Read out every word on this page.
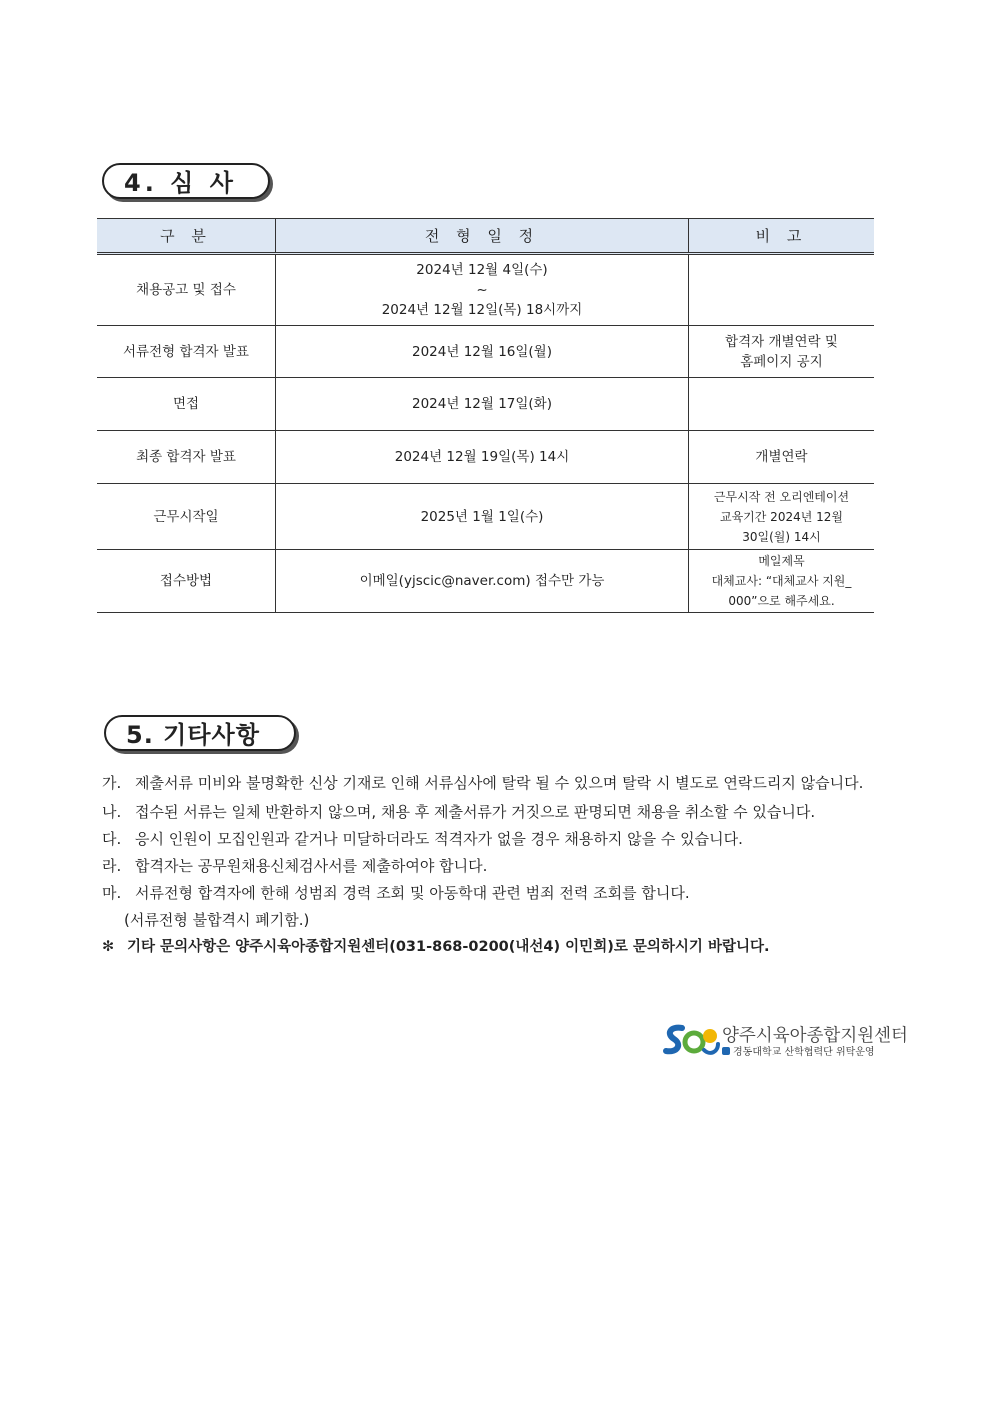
4. 심 사
구 분	전 형 일 정	비 고
채용공고 및 접수	2024년 12월 4일(수)
~
2024년 12월 12일(목) 18시까지	

서류전형 합격자 발표	2024년 12월 16일(월)	합격자 개별연락 및
홈페이지 공지

면접	2024년 12월 17일(화)	
최종 합격자 발표	2024년 12월 19일(목) 14시	개별연락
근무시작일	2025년 1월 1일(수)	근무시작 전 오리엔테이션
교육기간 2024년 12월
30일(월) 14시

접수방법	이메일(yjscic@naver.com) 접수만 가능	메일제목
대체교사: “대체교사 지원_
000”으로 해주세요.
5. 기타사항
가. 제출서류 미비와 불명확한 신상 기재로 인해 서류심사에 탈락 될 수 있으며 탈락 시 별도로 연락드리지 않습니다.
나. 접수된 서류는 일체 반환하지 않으며, 채용 후 제출서류가 거짓으로 판명되면 채용을 취소할 수 있습니다.
다. 응시 인원이 모집인원과 같거나 미달하더라도 적격자가 없을 경우 채용하지 않을 수 있습니다.
라. 합격자는 공무원채용신체검사서를 제출하여야 합니다.
마. 서류전형 합격자에 한해 성범죄 경력 조회 및 아동학대 관련 범죄 전력 조회를 합니다.
(서류전형 불합격시 폐기함.)
✻ 기타 문의사항은 양주시육아종합지원센터(031-868-0200(내선4) 이민희)로 문의하시기 바랍니다.
양주시육아종합지원센터
경동대학교 산학협력단 위탁운영
